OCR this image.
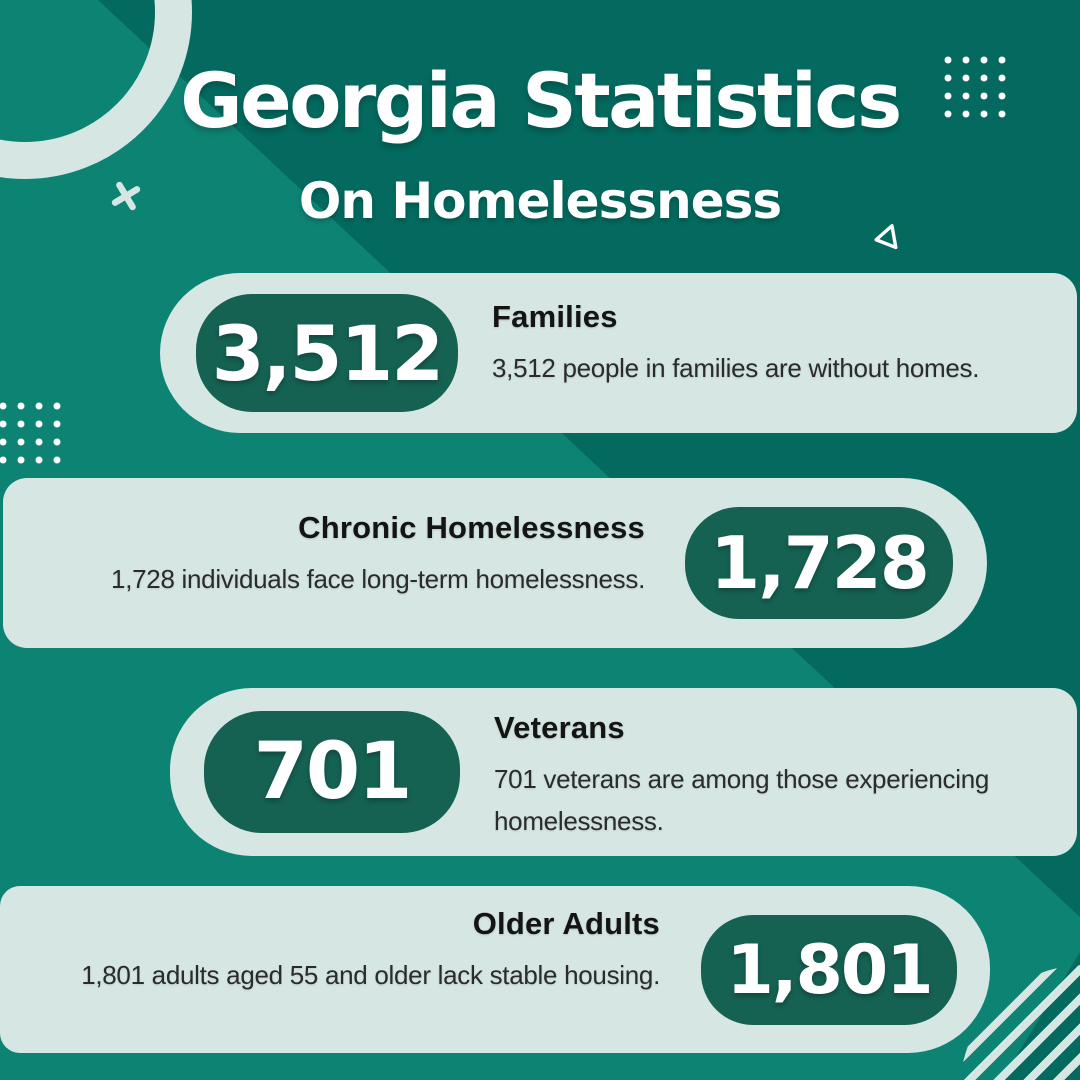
Georgia Statistics
On Homelessness
3,512 Families

3,512 people in families are without homes.

1,728
Chronic Homelessness

1,728 individuals face long-term homelessness.

701	Veterans

701 veterans are among those experiencing homelessness.

1,801
Older Adults

1,801 adults aged 55 and older lack stable housing.
